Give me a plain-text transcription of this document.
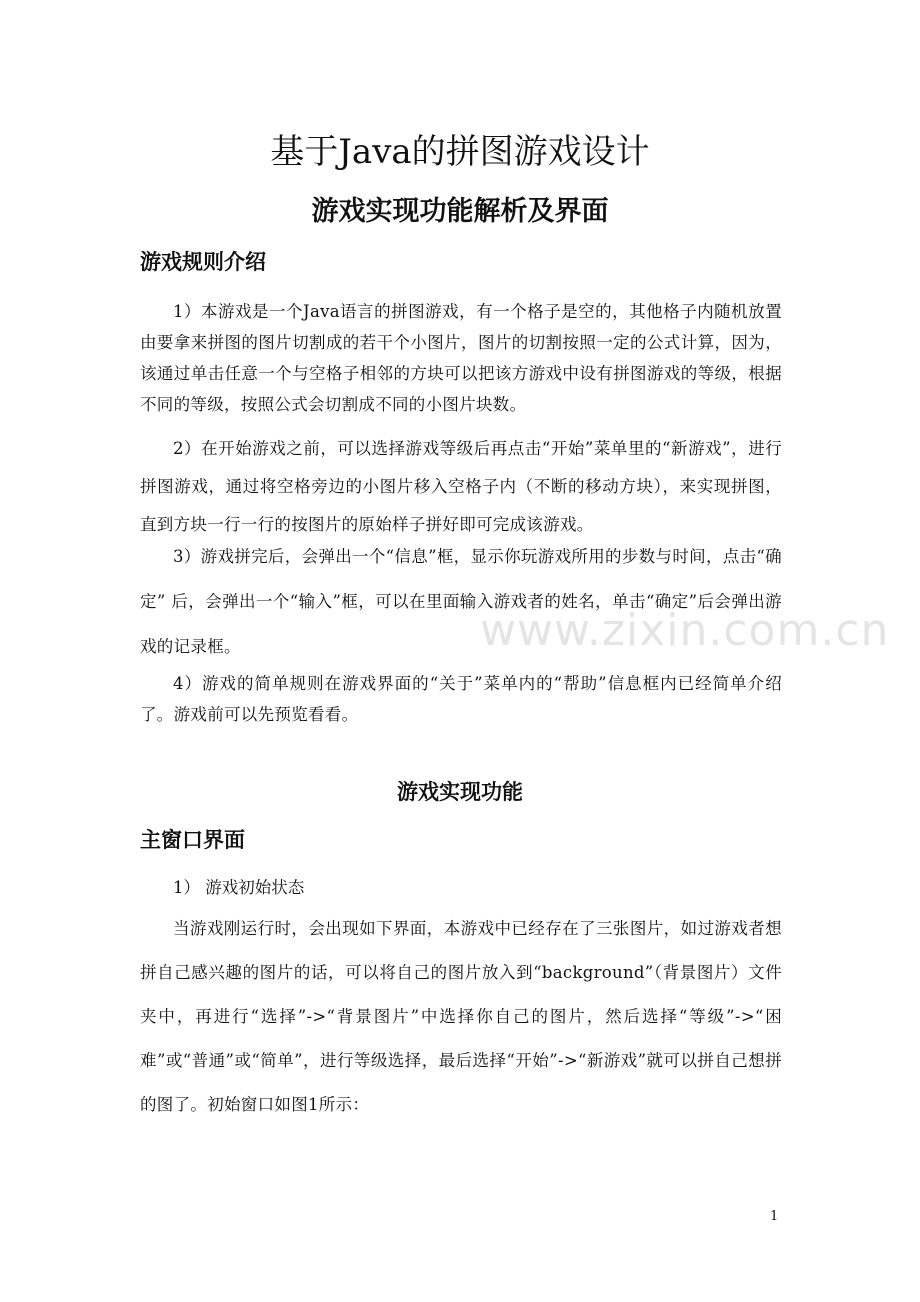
基于Java的拼图游戏设计
游戏实现功能解析及界面
游戏规则介绍

1）本游戏是一个Java语言的拼图游戏，有一个格子是空的，其他格子内随机放置由要拿来拼图的图片切割成的若干个小图片，图片的切割按照一定的公式计算，因为，该通过单击任意一个与空格子相邻的方块可以把该方游戏中设有拼图游戏的等级，根据不同的等级，按照公式会切割成不同的小图片块数。

2）在开始游戏之前，可以选择游戏等级后再点击“开始”菜单里的“新游戏”，进行拼图游戏，通过将空格旁边的小图片移入空格子内（不断的移动方块），来实现拼图，直到方块一行一行的按图片的原始样子拼好即可完成该游戏。

3）游戏拼完后，会弹出一个“信息”框，显示你玩游戏所用的步数与时间，点击“确定” 后，会弹出一个“输入”框，可以在里面输入游戏者的姓名，单击“确定”后会弹出游戏的记录框。

4）游戏的简单规则在游戏界面的“关于”菜单内的“帮助”信息框内已经简单介绍了。游戏前可以先预览看看。

www.zixin.com.cn
游戏实现功能
主窗口界面

1） 游戏初始状态

当游戏刚运行时，会出现如下界面，本游戏中已经存在了三张图片，如过游戏者想拼自己感兴趣的图片的话，可以将自己的图片放入到“background”（背景图片）文件夹中，再进行“选择”->“背景图片”中选择你自己的图片，然后选择“等级”->“困难”或“普通”或“简单”，进行等级选择，最后选择“开始”->“新游戏”就可以拼自己想拼的图了。初始窗口如图1所示：

1
